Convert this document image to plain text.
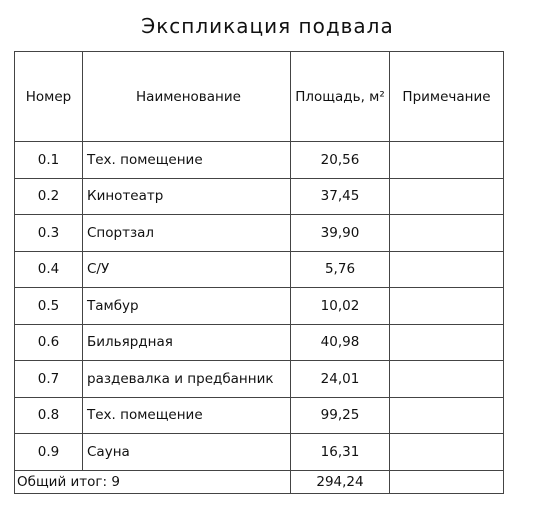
Экспликация подвала
Номер	Наименование	Площадь, м²	Примечание
0.1	Тех. помещение	20,56	
0.2	Кинотеатр	37,45	
0.3	Спортзал	39,90	
0.4	С/У	5,76	
0.5	Тамбур	10,02	
0.6	Бильярдная	40,98	
0.7	раздевалка и предбанник	24,01	
0.8	Тех. помещение	99,25	
0.9	Сауна	16,31	
Общий итог: 9		294,24	
